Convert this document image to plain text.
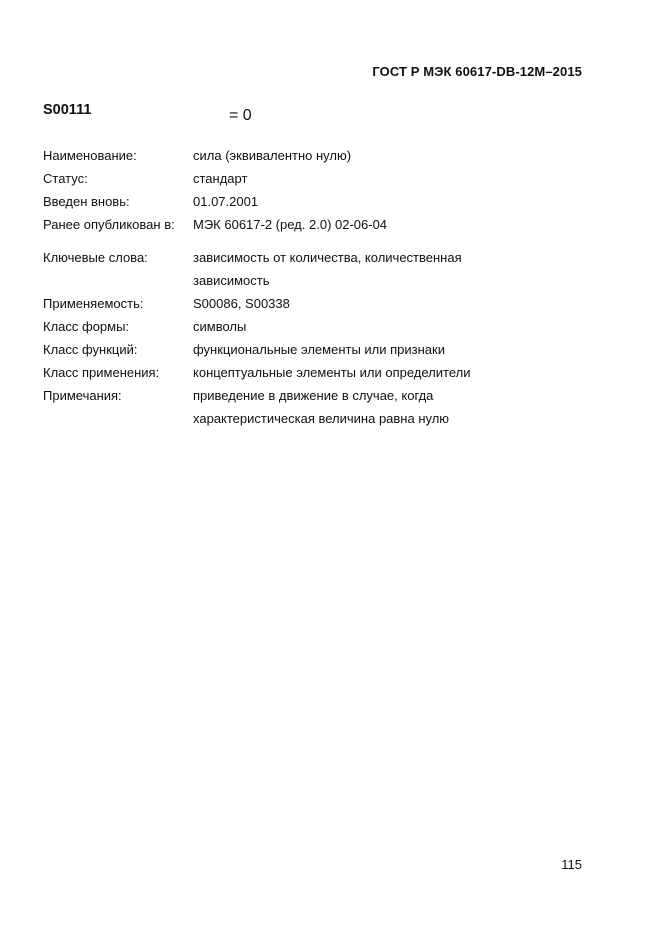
ГОСТ Р МЭК 60617-DB-12M–2015
S00111	= 0
Наименование:	сила (эквивалентно нулю)
Статус:	стандарт
Введен вновь:	01.07.2001
Ранее опубликован в: МЭК 60617-2 (ред. 2.0) 02-06-04
Ключевые слова:	зависимость от количества, количественная
зависимость
Применяемость:	S00086, S00338
Класс формы:	символы
Класс функций:	функциональные элементы или признаки
Класс применения:	концептуальные элементы или определители
Примечания:	приведение в движение в случае, когда
характеристическая величина равна нулю
115
